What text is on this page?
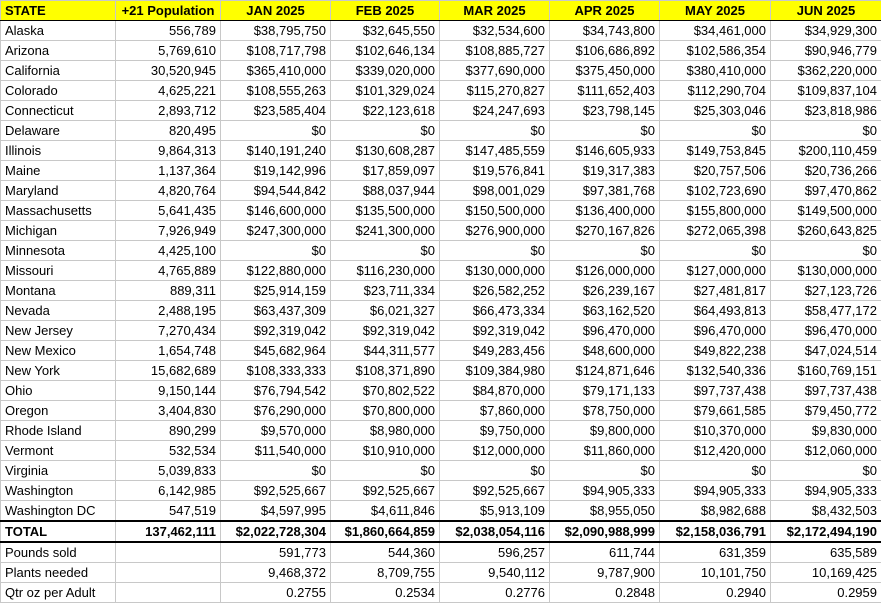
STATE	+21 Population	JAN 2025	FEB 2025	MAR 2025	APR 2025	MAY 2025	JUN 2025
Alaska	556,789	$38,795,750	$32,645,550	$32,534,600	$34,743,800	$34,461,000	$34,929,300
Arizona	5,769,610	$108,717,798	$102,646,134	$108,885,727	$106,686,892	$102,586,354	$90,946,779
California	30,520,945	$365,410,000	$339,020,000	$377,690,000	$375,450,000	$380,410,000	$362,220,000
Colorado	4,625,221	$108,555,263	$101,329,024	$115,270,827	$111,652,403	$112,290,704	$109,837,104
Connecticut	2,893,712	$23,585,404	$22,123,618	$24,247,693	$23,798,145	$25,303,046	$23,818,986
Delaware	820,495	$0	$0	$0	$0	$0	$0
Illinois	9,864,313	$140,191,240	$130,608,287	$147,485,559	$146,605,933	$149,753,845	$200,110,459
Maine	1,137,364	$19,142,996	$17,859,097	$19,576,841	$19,317,383	$20,757,506	$20,736,266
Maryland	4,820,764	$94,544,842	$88,037,944	$98,001,029	$97,381,768	$102,723,690	$97,470,862
Massachusetts	5,641,435	$146,600,000	$135,500,000	$150,500,000	$136,400,000	$155,800,000	$149,500,000
Michigan	7,926,949	$247,300,000	$241,300,000	$276,900,000	$270,167,826	$272,065,398	$260,643,825
Minnesota	4,425,100	$0	$0	$0	$0	$0	$0
Missouri	4,765,889	$122,880,000	$116,230,000	$130,000,000	$126,000,000	$127,000,000	$130,000,000
Montana	889,311	$25,914,159	$23,711,334	$26,582,252	$26,239,167	$27,481,817	$27,123,726
Nevada	2,488,195	$63,437,309	$6,021,327	$66,473,334	$63,162,520	$64,493,813	$58,477,172
New Jersey	7,270,434	$92,319,042	$92,319,042	$92,319,042	$96,470,000	$96,470,000	$96,470,000
New Mexico	1,654,748	$45,682,964	$44,311,577	$49,283,456	$48,600,000	$49,822,238	$47,024,514
New York	15,682,689	$108,333,333	$108,371,890	$109,384,980	$124,871,646	$132,540,336	$160,769,151
Ohio	9,150,144	$76,794,542	$70,802,522	$84,870,000	$79,171,133	$97,737,438	$97,737,438
Oregon	3,404,830	$76,290,000	$70,800,000	$7,860,000	$78,750,000	$79,661,585	$79,450,772
Rhode Island	890,299	$9,570,000	$8,980,000	$9,750,000	$9,800,000	$10,370,000	$9,830,000
Vermont	532,534	$11,540,000	$10,910,000	$12,000,000	$11,860,000	$12,420,000	$12,060,000
Virginia	5,039,833	$0	$0	$0	$0	$0	$0
Washington	6,142,985	$92,525,667	$92,525,667	$92,525,667	$94,905,333	$94,905,333	$94,905,333
Washington DC	547,519	$4,597,995	$4,611,846	$5,913,109	$8,955,050	$8,982,688	$8,432,503
TOTAL	137,462,111	$2,022,728,304	$1,860,664,859	$2,038,054,116	$2,090,988,999	$2,158,036,791	$2,172,494,190
Pounds sold		591,773	544,360	596,257	611,744	631,359	635,589
Plants needed		9,468,372	8,709,755	9,540,112	9,787,900	10,101,750	10,169,425
Qtr oz per Adult		0.2755	0.2534	0.2776	0.2848	0.2940	0.2959
